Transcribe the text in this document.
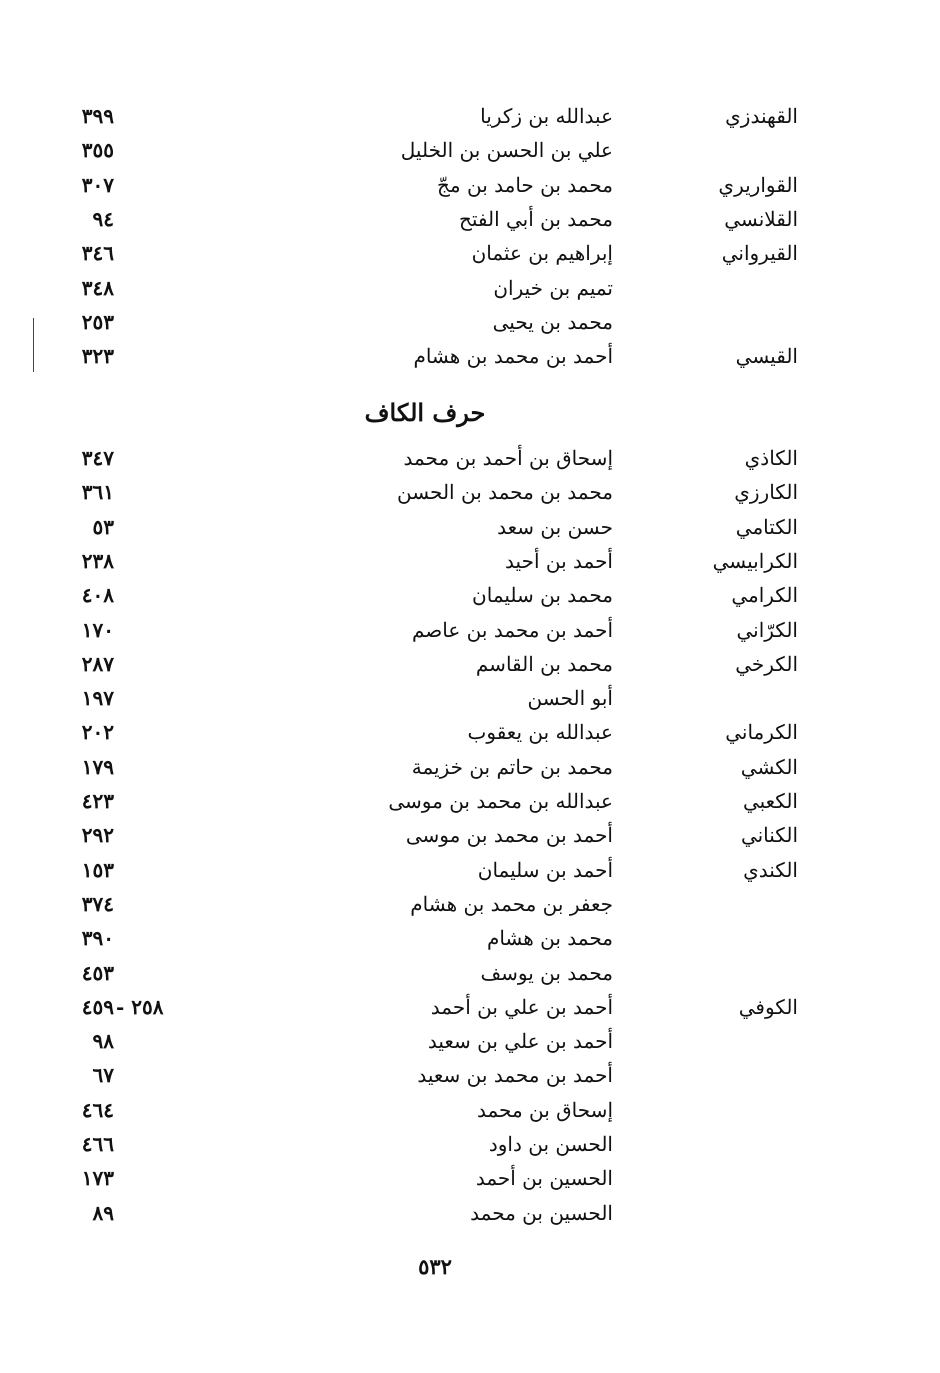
القهندزي
عبدالله بن زكريا
٣٩٩
علي بن الحسن بن الخليل
٣٥٥
القواريري
محمد بن حامد بن مجّ
٣٠٧
القلانسي
محمد بن أبي الفتح
٩٤
القيرواني
إبراهيم بن عثمان
٣٤٦
تميم بن خيران
٣٤٨
محمد بن يحيى
٢٥٣
القيسي
أحمد بن محمد بن هشام
٣٢٣
حرف الكاف
الكاذي
إسحاق بن أحمد بن محمد
٣٤٧
الكارزي
محمد بن محمد بن الحسن
٣٦١
الكتامي
حسن بن سعد
٥٣
الكرابيسي
أحمد بن أحيد
٢٣٨
الكرامي
محمد بن سليمان
٤٠٨
الكرّاني
أحمد بن محمد بن عاصم
١٧٠
الكرخي
محمد بن القاسم
٢٨٧
أبو الحسن
١٩٧
الكرماني
عبدالله بن يعقوب
٢٠٢
الكشي
محمد بن حاتم بن خزيمة
١٧٩
الكعبي
عبدالله بن محمد بن موسى
٤٢٣
الكناني
أحمد بن محمد بن موسى
٢٩٢
الكندي
أحمد بن سليمان
١٥٣
جعفر بن محمد بن هشام
٣٧٤
محمد بن هشام
٣٩٠
محمد بن يوسف
٤٥٣
الكوفي
أحمد بن علي بن أحمد
٤٥٩ - ٢٥٨
أحمد بن علي بن سعيد
٩٨
أحمد بن محمد بن سعيد
٦٧
إسحاق بن محمد
٤٦٤
الحسن بن داود
٤٦٦
الحسين بن أحمد
١٧٣
الحسين بن محمد
٨٩
٥٣٢
